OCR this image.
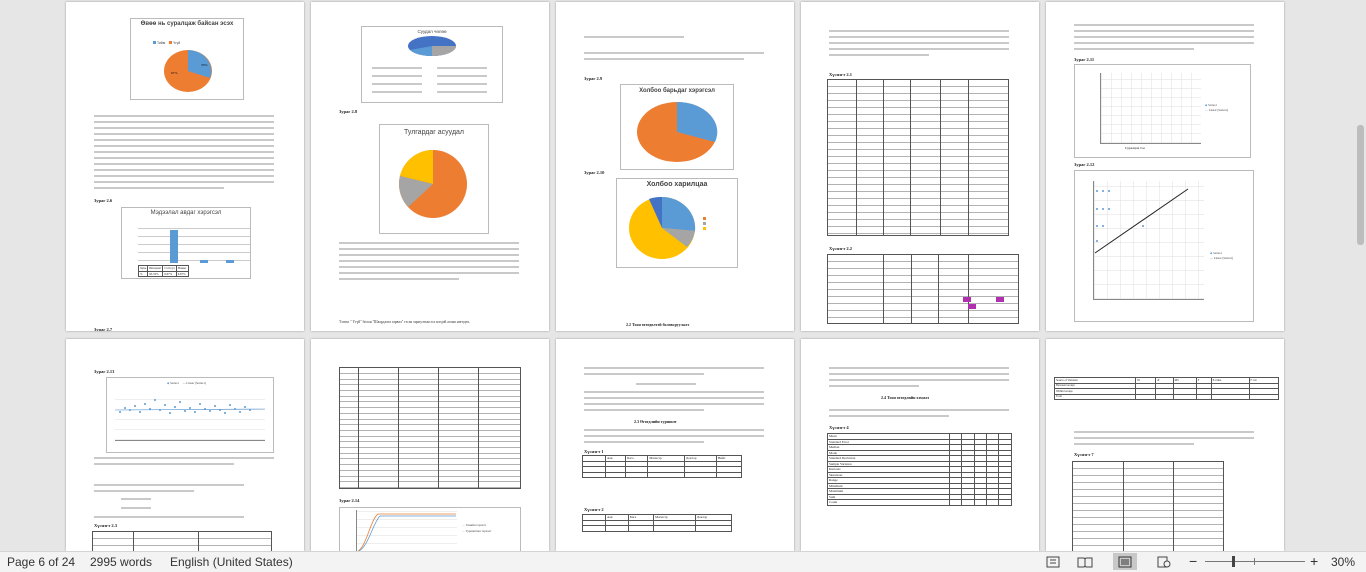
Өвөө нь суралцаж байсан эсэх
Тийм Үгүй
67%
33%
Зураг 2.6
Мэдээлал авдаг хэрэгсэл
Хувь	Интернет	Сэтгүүл	Номыг
%	93.33%	6.67%	6.67%
Зураг 2.7
Суудал чөлөө
Зураг 2.8
Тулгардаг асуудал
Тэгвэл " Үгүй" болон "Шаардлага гарвал" гэсэн хариултын эсх нэгдэй асмаа нөгөдөх.
Зураг 2.9
Холбоо барьдаг хэрэгсэл
Зураг 2.10
Холбоо харилцаа
2.2 Тоон өгөгдөлтэй боловсруулалт
Хүснэгт 2.1
Хүснэгт 2.2
Зураг 2.11
◆ Series1
— Linear (Series1)
Суралцах тоо
Зураг 2.12
◆ Series1
— Linear (Series1)
Зураг 2.13
◆ Series1 — Linear (Series1)
Хүснэгт 2.3
Зураг 2.14
— Хэвийн тархалт
— Туршилтын тархалт
2.3 Өгөгдлийн туршилт
Хүснэгт 1
	Аав	Бага	Магистр	Доктор	Нийт

Хүснэгт 2
	Аав	Бага	Магистр	Доктор

2.4 Тоон өгөгдлийн хэмжээ
Хүснэгт 4
Mean					
Standard Error					
Median					
Mode					
Standard Deviation					
Sample Variance					
Kurtosis					
Skewness					
Range					
Minimum					
Maximum					
Sum					
Count					
Source of Variation	SS	df	MS	F	P-value	F crit
Between Groups						
Within Groups						
Total						
Хүснэгт 7
Page 6 of 24 2995 words English (United States)	−	+ 30%
